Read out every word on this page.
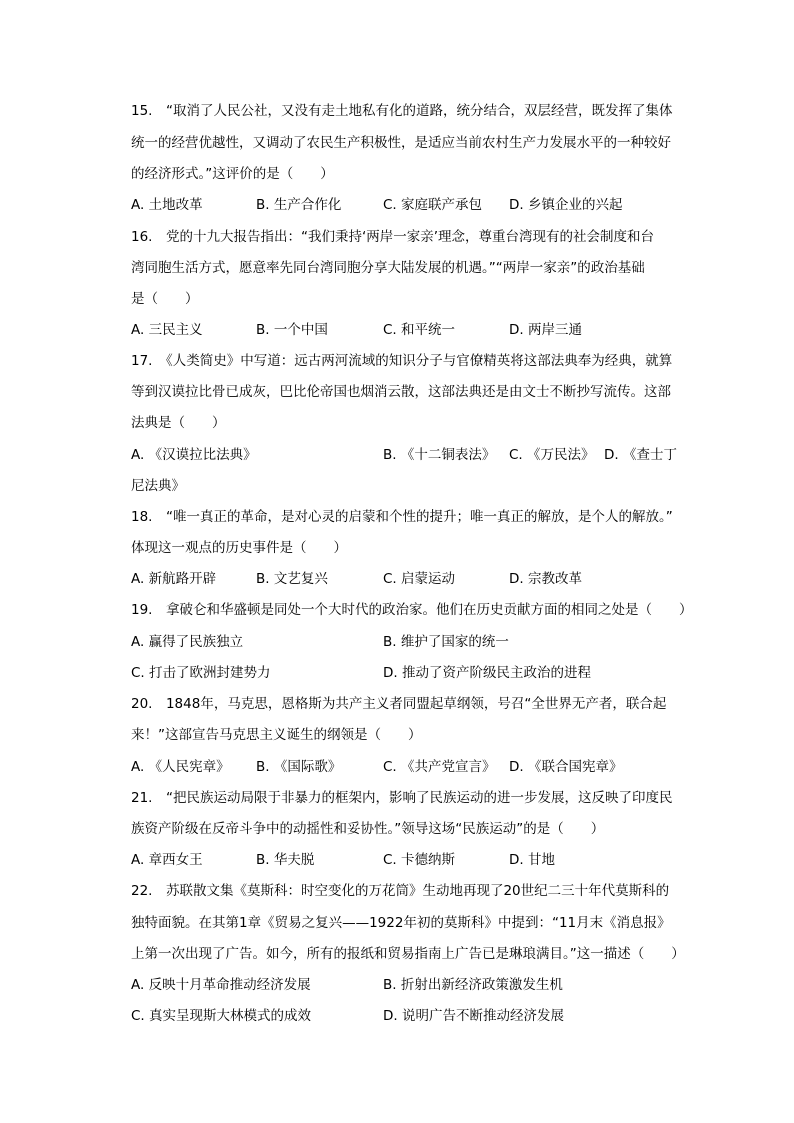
15.　“取消了人民公社，又没有走土地私有化的道路，统分结合，双层经营，既发挥了集体
统一的经营优越性，又调动了农民生产积极性，是适应当前农村生产力发展水平的一种较好
的经济形式。”这评价的是（　　）
A. 土地改革	B. 生产合作化	C. 家庭联产承包 D. 乡镇企业的兴起
16.　党的十九大报告指出：“我们秉持‘两岸一家亲’理念，尊重台湾现有的社会制度和台
湾同胞生活方式，愿意率先同台湾同胞分享大陆发展的机遇。”“两岸一家亲”的政治基础
是（　　）
A. 三民主义	B. 一个中国	C. 和平统一	D. 两岸三通
17.　《人类简史》中写道：远古两河流域的知识分子与官僚精英将这部法典奉为经典，就算
等到汉谟拉比骨已成灰，巴比伦帝国也烟消云散，这部法典还是由文士不断抄写流传。这部
法典是（　　）
A. 《汉谟拉比法典》	B. 《十二铜表法》 C. 《万民法》 D. 《查士丁
尼法典》
18.　“唯一真正的革命，是对心灵的启蒙和个性的提升；唯一真正的解放，是个人的解放。”
体现这一观点的历史事件是（　　）
A. 新航路开辟	B. 文艺复兴	C. 启蒙运动	D. 宗教改革
19.　拿破仑和华盛顿是同处一个大时代的政治家。他们在历史贡献方面的相同之处是（　　）
A. 赢得了民族独立	B. 维护了国家的统一
C. 打击了欧洲封建势力	D. 推动了资产阶级民主政治的进程
20.　1848年，马克思，恩格斯为共产主义者同盟起草纲领，号召“全世界无产者，联合起
来！”这部宣告马克思主义诞生的纲领是（　　）
A. 《人民宪章》 B. 《国际歌》	C. 《共产党宣言》 D. 《联合国宪章》
21.　“把民族运动局限于非暴力的框架内，影响了民族运动的进一步发展，这反映了印度民
族资产阶级在反帝斗争中的动摇性和妥协性。”领导这场“民族运动”的是（　　）
A. 章西女王	B. 华夫脱	C. 卡德纳斯	D. 甘地
22.　苏联散文集《莫斯科：时空变化的万花筒》生动地再现了20世纪二三十年代莫斯科的
独特面貌。在其第1章《贸易之复兴——1922年初的莫斯科》中提到：“11月末《消息报》
上第一次出现了广告。如今，所有的报纸和贸易指南上广告已是琳琅满目。”这一描述（　　）
A. 反映十月革命推动经济发展	B. 折射出新经济政策激发生机
C. 真实呈现斯大林模式的成效	D. 说明广告不断推动经济发展
